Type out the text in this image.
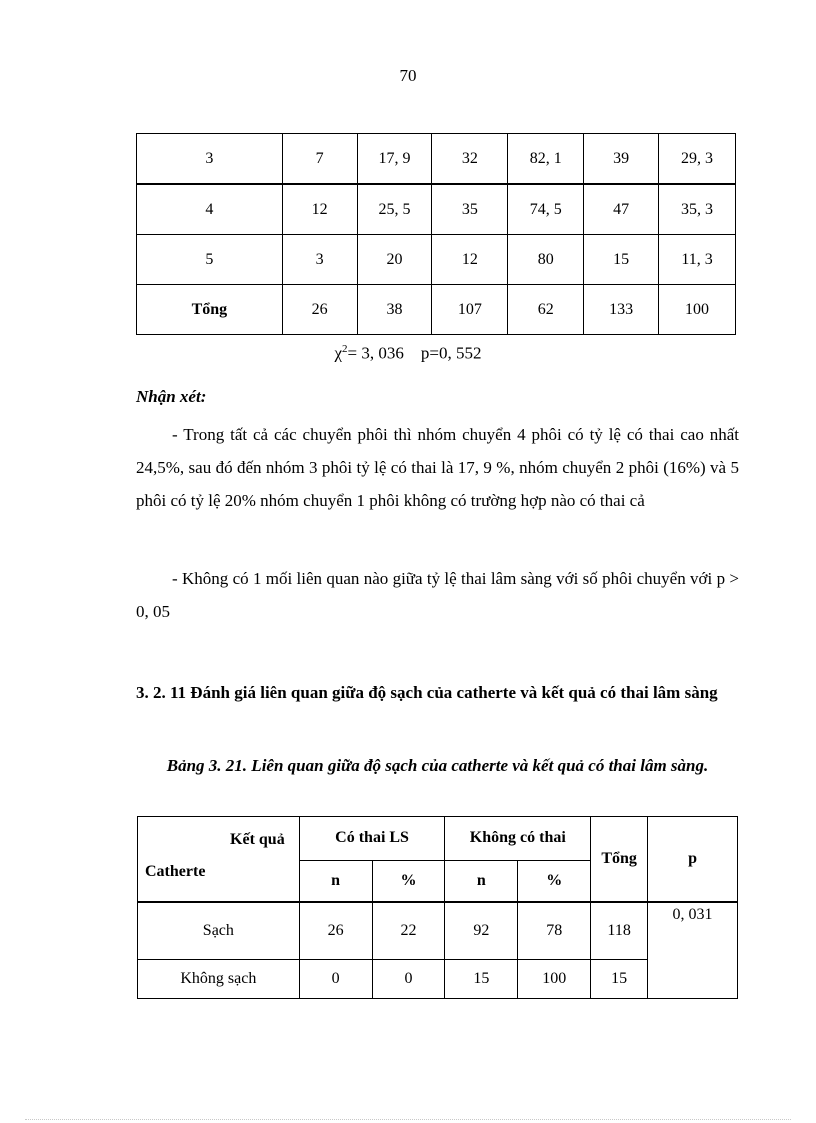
70
3	7	17, 9	32	82, 1	39	29, 3
4	12	25, 5	35	74, 5	47	35, 3
5	3	20	12	80	15	11, 3
Tổng	26	38	107	62	133	100
$\chi^2= 3$, 036    p=0, 552
Nhận xét:
- Trong tất cả các chuyển phôi thì nhóm chuyển 4 phôi có tỷ lệ có thai cao nhất 24,5%, sau đó đến nhóm 3 phôi tỷ lệ có thai là 17, 9 %, nhóm chuyển 2 phôi (16%) và 5 phôi có tỷ lệ 20% nhóm chuyển 1 phôi không có trường hợp nào có thai cả
- Không có 1 mối liên quan nào giữa tỷ lệ thai lâm sàng với số phôi chuyển với p > 0, 05
3. 2. 11 Đánh giá liên quan giữa độ sạch của catherte và kết quả có thai lâm sàng
Bảng 3. 21. Liên quan giữa độ sạch của catherte và kết quả có thai lâm sàng.
Kết quả
Catherte	Có thai LS		Không có thai		Tổng	p
	n	%	n	%		
Sạch	26	22	92	78	118	0, 031
Không sạch	0	0	15	100	15	
